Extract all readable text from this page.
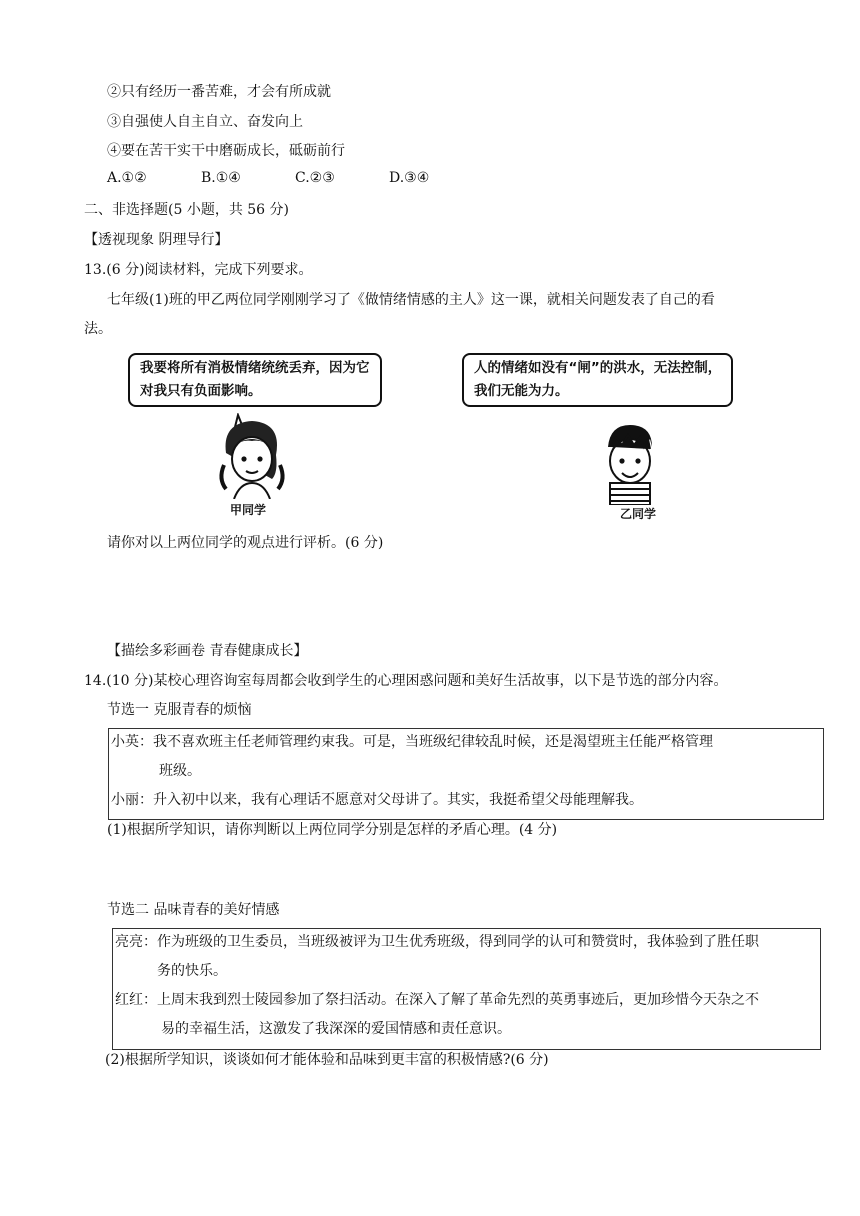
②只有经历一番苦难，才会有所成就
③自强使人自主自立、奋发向上
④要在苦干实干中磨砺成长，砥砺前行
A.①②	B.①④	C.②③	D.③④
二、非选择题(5 小题，共 56 分)
【透视现象 阴理导行】
13.(6 分)阅读材料，完成下列要求。
七年级(1)班的甲乙两位同学刚刚学习了《做情绪情感的主人》这一课，就相关问题发表了自己的看
法。
我要将所有消极情绪统统丢弃，因为它
对我只有负面影响。
人的情绪如没有“闸”的洪水，无法控制，
我们无能为力。
甲同学	乙同学
请你对以上两位同学的观点进行评析。(6 分)
【描绘多彩画卷 青春健康成长】
14.(10 分)某校心理咨询室每周都会收到学生的心理困惑问题和美好生活故事，以下是节选的部分内容。
节选一 克服青春的烦恼
小英：我不喜欢班主任老师管理约束我。可是，当班级纪律较乱时候，还是渴望班主任能严格管理
班级。
小丽：升入初中以来，我有心理话不愿意对父母讲了。其实，我挺希望父母能理解我。
(1)根据所学知识，请你判断以上两位同学分别是怎样的矛盾心理。(4 分)
节选二 品味青春的美好情感
亮亮：作为班级的卫生委员，当班级被评为卫生优秀班级，得到同学的认可和赞赏时，我体验到了胜任职
务的快乐。
红红：上周末我到烈士陵园参加了祭扫活动。在深入了解了革命先烈的英勇事迹后，更加珍惜今天杂之不
易的幸福生活，这激发了我深深的爱国情感和责任意识。
(2)根据所学知识，谈谈如何才能体验和品味到更丰富的积极情感?(6 分)
